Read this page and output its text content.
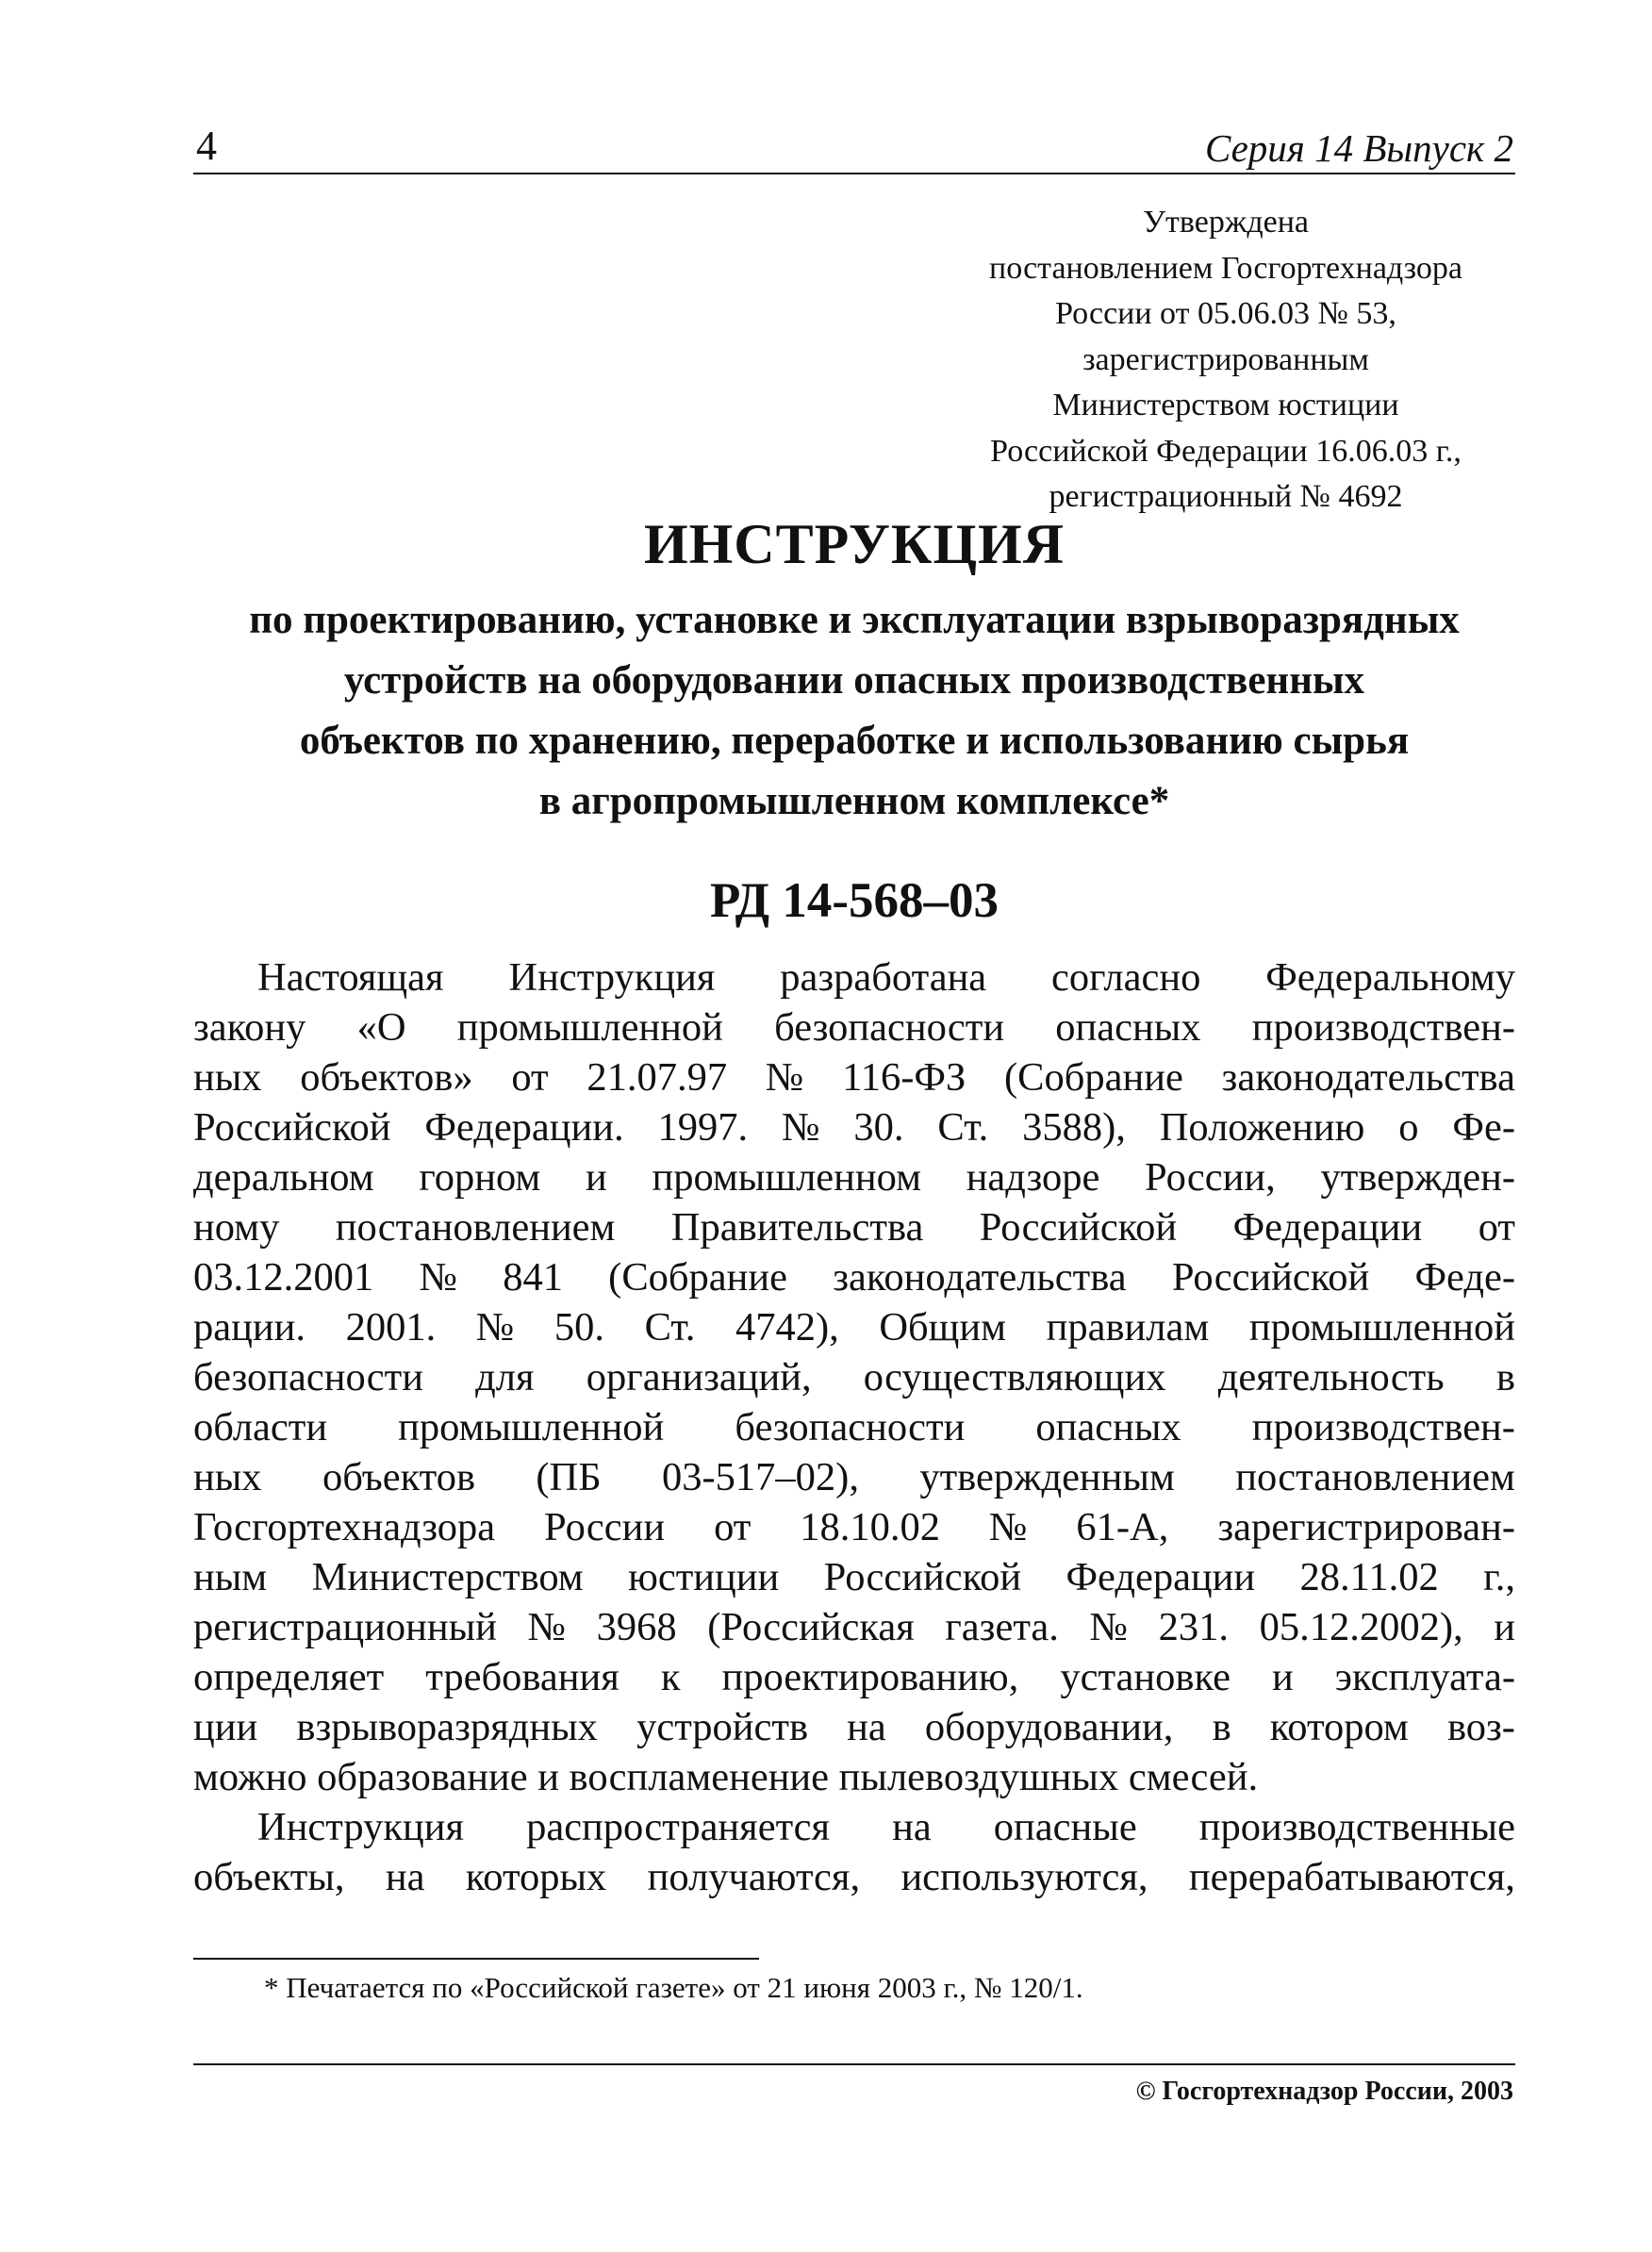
4	Серия 14 Выпуск 2
Утверждена
постановлением Госгортехнадзора
России от 05.06.03 № 53,
зарегистрированным
Министерством юстиции
Российской Федерации 16.06.03 г.,
регистрационный № 4692
ИНСТРУКЦИЯ
по проектированию, установке и эксплуатации взрыворазрядных
устройств на оборудовании опасных производственных
объектов по хранению, переработке и использованию сырья
в агропромышленном комплексе*
РД 14-568–03
Настоящая Инструкция разработана согласно Федеральному
закону «О промышленной безопасности опасных производствен-
ных объектов» от 21.07.97 № 116-ФЗ (Собрание законодательства
Российской Федерации. 1997. № 30. Ст. 3588), Положению о Фе-
деральном горном и промышленном надзоре России, утвержден-
ному постановлением Правительства Российской Федерации от
03.12.2001 № 841 (Собрание законодательства Российской Феде-
рации. 2001. № 50. Ст. 4742), Общим правилам промышленной
безопасности для организаций, осуществляющих деятельность в
области промышленной безопасности опасных производствен-
ных объектов (ПБ 03-517–02), утвержденным постановлением
Госгортехнадзора России от 18.10.02 № 61-А, зарегистрирован-
ным Министерством юстиции Российской Федерации 28.11.02 г.,
регистрационный № 3968 (Российская газета. № 231. 05.12.2002), и
определяет требования к проектированию, установке и эксплуата-
ции взрыворазрядных устройств на оборудовании, в котором воз-
можно образование и воспламенение пылевоздушных смесей.
Инструкция распространяется на опасные производственные
объекты, на которых получаются, используются, перерабатываются,
* Печатается по «Российской газете» от 21 июня 2003 г., № 120/1.
© Госгортехнадзор России, 2003
